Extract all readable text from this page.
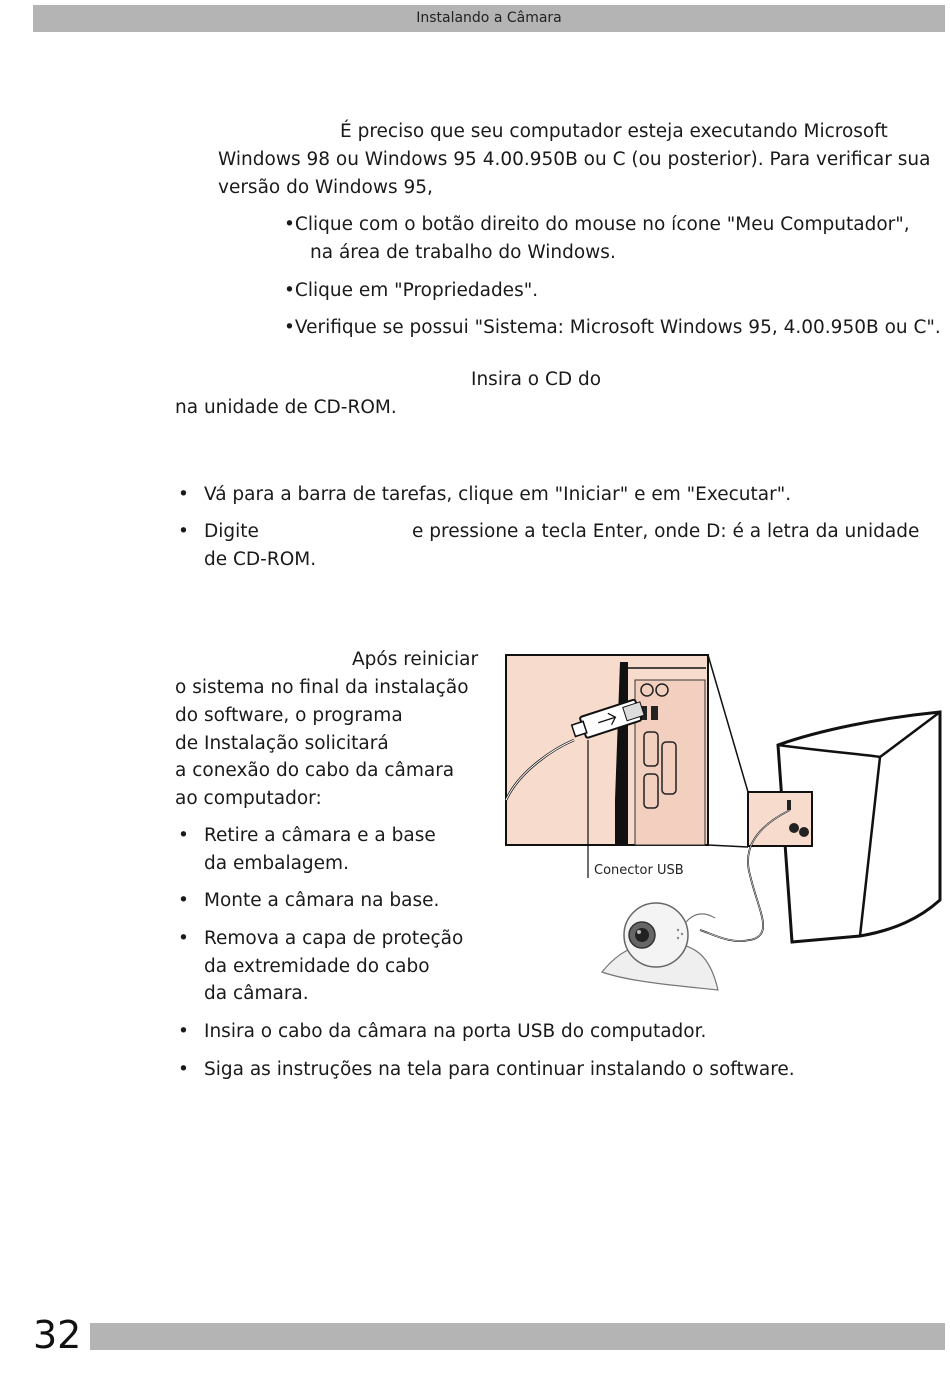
Instalando a Câmara
É preciso que seu computador esteja executando Microsoft
Windows 98 ou Windows 95 4.00.950B ou C (ou posterior). Para verificar sua
versão do Windows 95,
•Clique com o botão direito do mouse no ícone "Meu Computador",
na área de trabalho do Windows.
•Clique em "Propriedades".
•Verifique se possui "Sistema: Microsoft Windows 95, 4.00.950B ou C".
Insira o CD do
na unidade de CD-ROM.
• Vá para a barra de tarefas, clique em "Iniciar" e em "Executar".
• Digite	e pressione a tecla Enter, onde D: é a letra da unidade
de CD-ROM.
Após reiniciar
o sistema no final da instalação
do software, o programa
de Instalação solicitará
a conexão do cabo da câmara
ao computador:
• Retire a câmara e a base
da embalagem.
• Monte a câmara na base.
• Remova a capa de proteção
da extremidade do cabo
da câmara.
• Insira o cabo da câmara na porta USB do computador.
• Siga as instruções na tela para continuar instalando o software.
Conector USB
32
